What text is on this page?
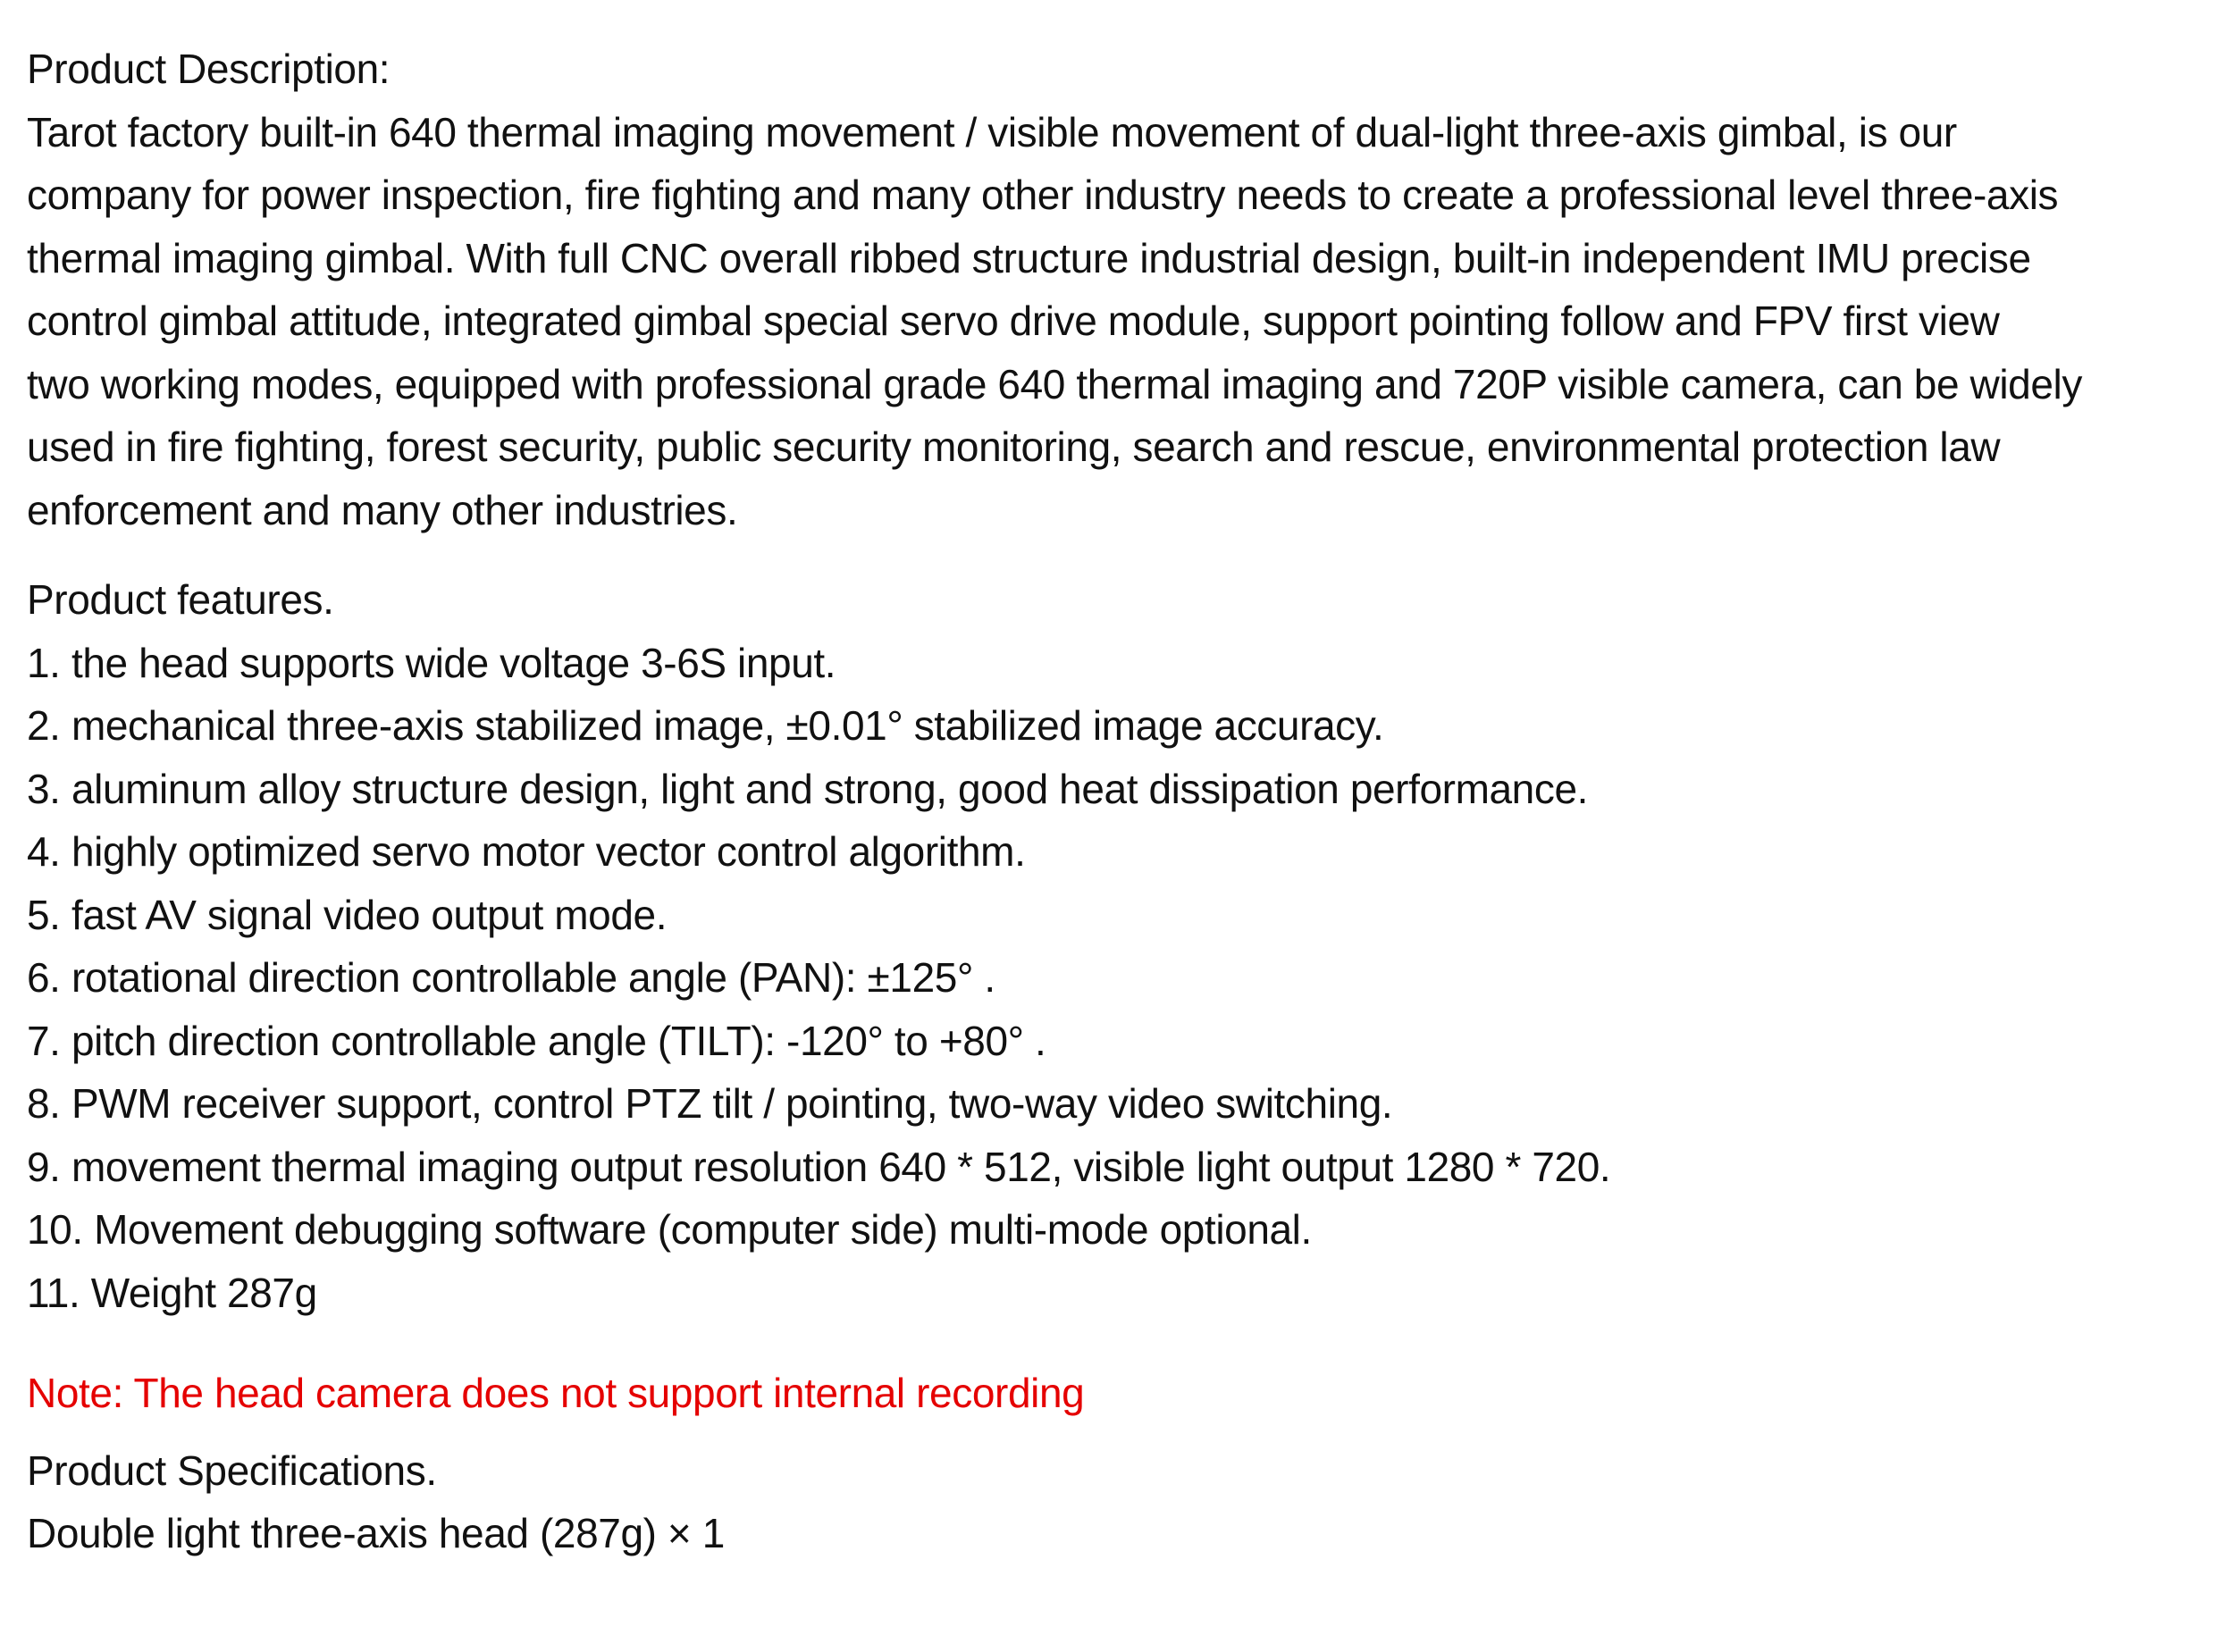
Product Description:

Tarot factory built-in 640 thermal imaging movement / visible movement of dual-light three-axis gimbal, is our
company for power inspection, fire fighting and many other industry needs to create a professional level three-axis
thermal imaging gimbal. With full CNC overall ribbed structure industrial design, built-in independent IMU precise
control gimbal attitude, integrated gimbal special servo drive module, support pointing follow and FPV first view
two working modes, equipped with professional grade 640 thermal imaging and 720P visible camera, can be widely
used in fire fighting, forest security, public security monitoring, search and rescue, environmental protection law
enforcement and many other industries.

Product features.
1. the head supports wide voltage 3-6S input.
2. mechanical three-axis stabilized image, ±0.01° stabilized image accuracy.
3. aluminum alloy structure design, light and strong, good heat dissipation performance.
4. highly optimized servo motor vector control algorithm.
5. fast AV signal video output mode.
6. rotational direction controllable angle (PAN): ±125° .
7. pitch direction controllable angle (TILT): -120° to +80° .
8. PWM receiver support, control PTZ tilt / pointing, two-way video switching.
9. movement thermal imaging output resolution 640 * 512, visible light output 1280 * 720.
10. Movement debugging software (computer side) multi-mode optional.
11. Weight 287g
Note: The head camera does not support internal recording
Product Specifications.
Double light three-axis head (287g) × 1
